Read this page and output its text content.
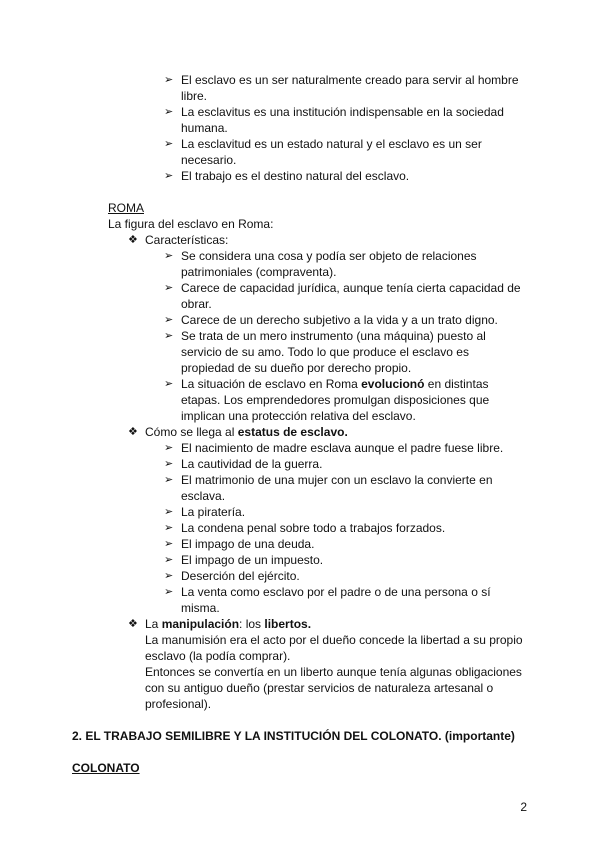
➢ El esclavo es un ser naturalmente creado para servir al hombre libre.
➢ La esclavitus es una institución indispensable en la sociedad humana.
➢ La esclavitud es un estado natural y el esclavo es un ser necesario.
➢ El trabajo es el destino natural del esclavo.
ROMA
La figura del esclavo en Roma:
❖ Características:
➢ Se considera una cosa y podía ser objeto de relaciones patrimoniales (compraventa).
➢ Carece de capacidad jurídica, aunque tenía cierta capacidad de obrar.
➢ Carece de un derecho subjetivo a la vida y a un trato digno.
➢ Se trata de un mero instrumento (una máquina) puesto al servicio de su amo. Todo lo que produce el esclavo es propiedad de su dueño por derecho propio.
➢ La situación de esclavo en Roma evolucionó en distintas etapas. Los emprendedores promulgan disposiciones que implican una protección relativa del esclavo.
❖ Cómo se llega al estatus de esclavo.
➢ El nacimiento de madre esclava aunque el padre fuese libre.
➢ La cautividad de la guerra.
➢ El matrimonio de una mujer con un esclavo la convierte en esclava.
➢ La piratería.
➢ La condena penal sobre todo a trabajos forzados.
➢ El impago de una deuda.
➢ El impago de un impuesto.
➢ Deserción del ejército.
➢ La venta como esclavo por el padre o de una persona o sí misma.
❖ La manipulación: los libertos.
La manumisión era el acto por el dueño concede la libertad a su propio esclavo (la podía comprar).
Entonces se convertía en un liberto aunque tenía algunas obligaciones con su antiguo dueño (prestar servicios de naturaleza artesanal o profesional).
2. EL TRABAJO SEMILIBRE Y LA INSTITUCIÓN DEL COLONATO. (importante)
COLONATO
2
